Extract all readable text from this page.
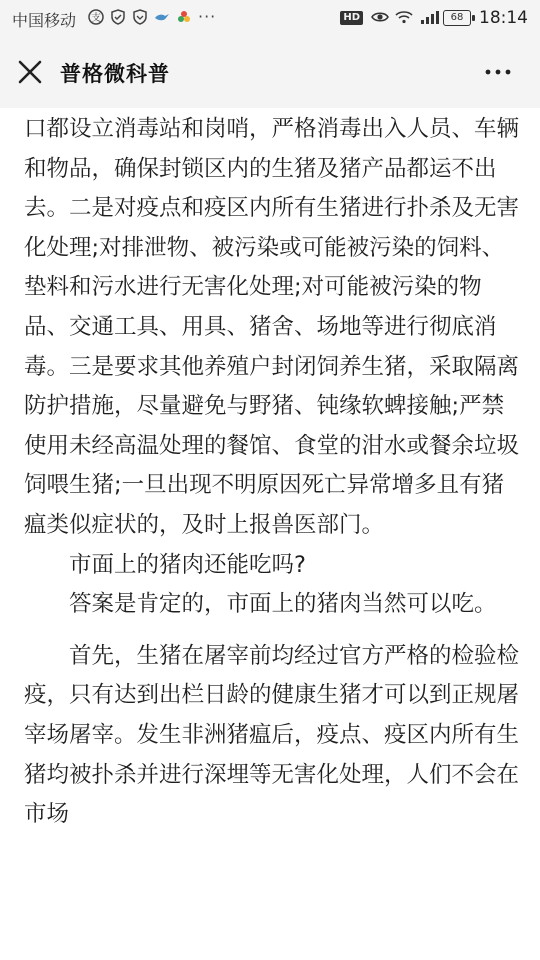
中国移动 支	···	HD	68 18:14
普格微科普

口都设立消毒站和岗哨，严格消毒出入人员、车辆和物品，确保封锁区内的生猪及猪产品都运不出去。二是对疫点和疫区内所有生猪进行扑杀及无害化处理;对排泄物、被污染或可能被污染的饲料、垫料和污水进行无害化处理;对可能被污染的物品、交通工具、用具、猪舍、场地等进行彻底消毒。三是要求其他养殖户封闭饲养生猪，采取隔离防护措施，尽量避免与野猪、钝缘软蜱接触;严禁使用未经高温处理的餐馆、食堂的泔水或餐余垃圾饲喂生猪;一旦出现不明原因死亡异常增多且有猪瘟类似症状的，及时上报兽医部门。

市面上的猪肉还能吃吗?

答案是肯定的，市面上的猪肉当然可以吃。

首先，生猪在屠宰前均经过官方严格的检验检疫，只有达到出栏日龄的健康生猪才可以到正规屠宰场屠宰。发生非洲猪瘟后，疫点、疫区内所有生猪均被扑杀并进行深埋等无害化处理，人们不会在市场
